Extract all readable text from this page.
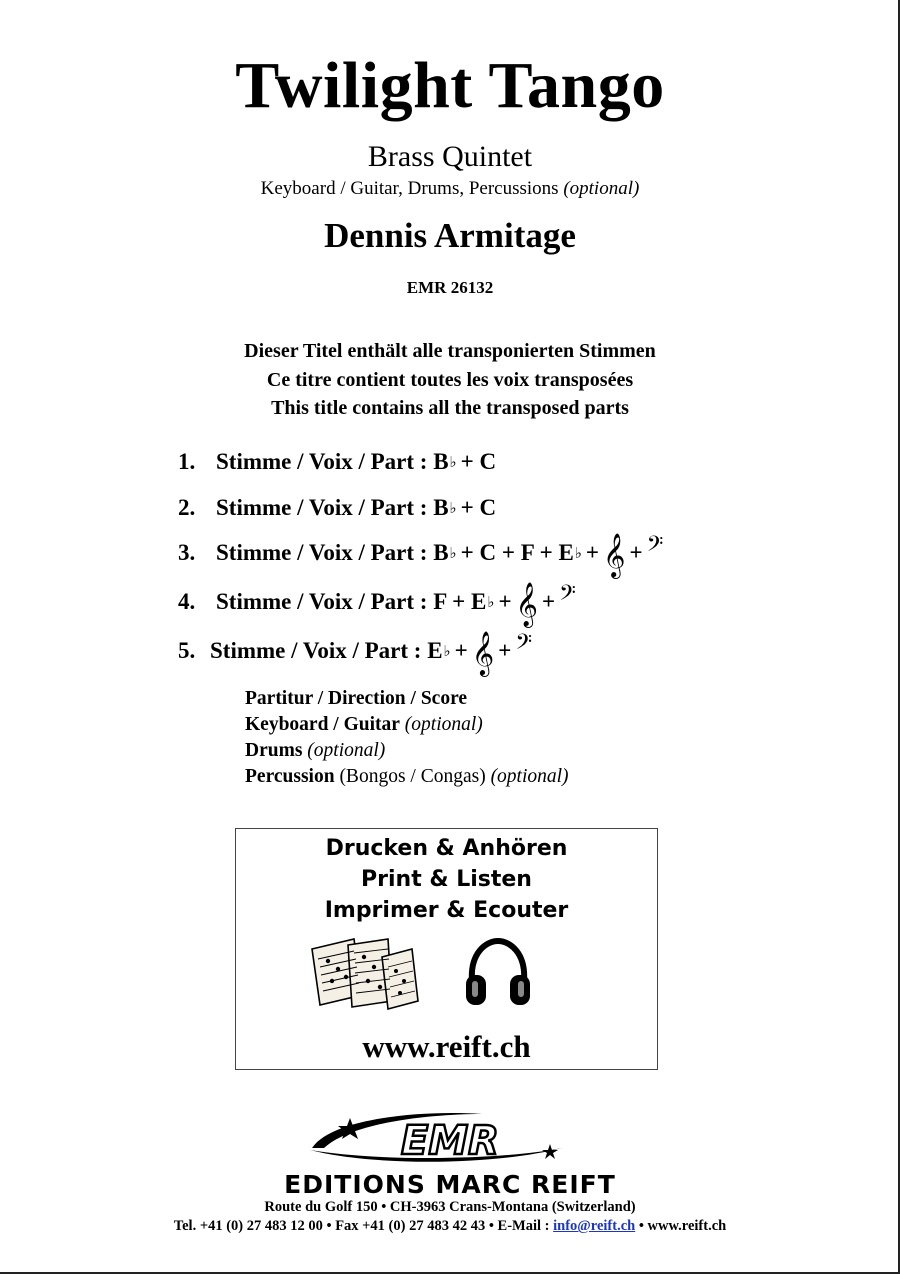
Twilight Tango
Brass Quintet
Keyboard / Guitar, Drums, Percussions (optional)
Dennis Armitage
EMR 26132
Dieser Titel enthält alle transponierten Stimmen
Ce titre contient toutes les voix transposées
This title contains all the transposed parts
1. Stimme / Voix / Part : B ♭ + C
2. Stimme / Voix / Part : B ♭ + C
3. Stimme / Voix / Part : B ♭ + C + F + E ♭ + 𝄞 + 𝄢
4. Stimme / Voix / Part : F + E ♭ + 𝄞 + 𝄢
5. Stimme / Voix / Part : E ♭ + 𝄞 + 𝄢
Partitur / Direction / Score
Keyboard / Guitar (optional)
Drums (optional)
Percussion (Bongos / Congas) (optional)
Drucken & Anhören
Print & Listen
Imprimer & Ecouter
www.reift.ch
EMR
EDITIONS MARC REIFT
Route du Golf 150 • CH-3963 Crans-Montana (Switzerland)
Tel. +41 (0) 27 483 12 00 • Fax +41 (0) 27 483 42 43 • E-Mail : info@reift.ch • www.reift.ch
